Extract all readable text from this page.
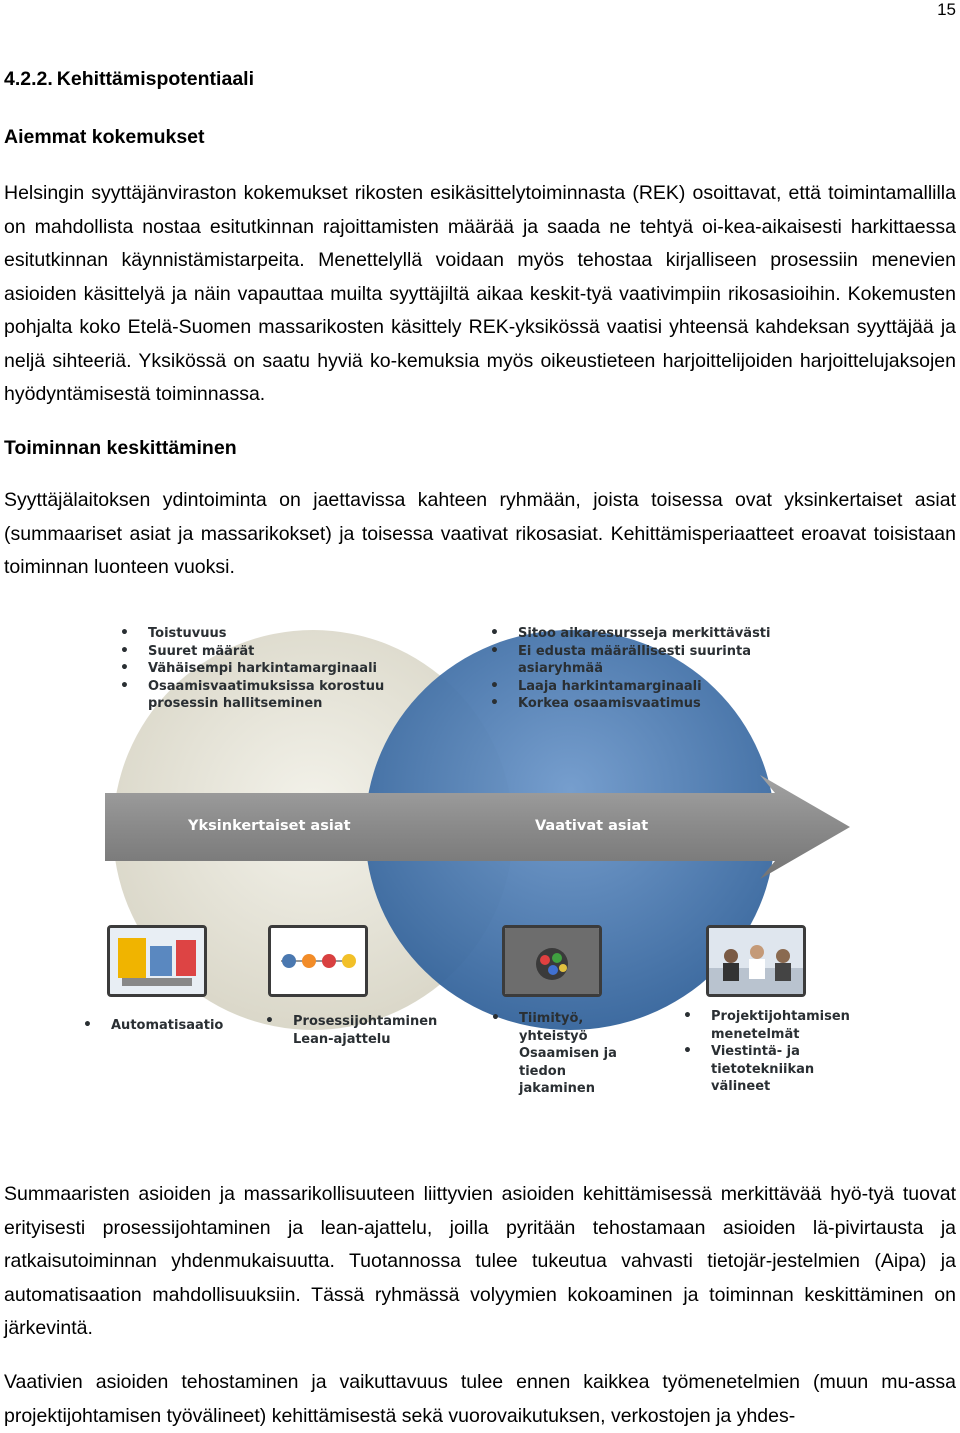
15
4.2.2. Kehittämispotentiaali
Aiemmat kokemukset
Helsingin syyttäjänviraston kokemukset rikosten esikäsittelytoiminnasta (REK) osoittavat, että toimintamallilla on mahdollista nostaa esitutkinnan rajoittamisten määrää ja saada ne tehtyä oi-kea-aikaisesti harkittaessa esitutkinnan käynnistämistarpeita. Menettelyllä voidaan myös tehostaa kirjalliseen prosessiin menevien asioiden käsittelyä ja näin vapauttaa muilta syyttäjiltä aikaa keskit-tyä vaativimpiin rikosasioihin. Kokemusten pohjalta koko Etelä-Suomen massarikosten käsittely REK-yksikössä vaatisi yhteensä kahdeksan syyttäjää ja neljä sihteeriä. Yksikössä on saatu hyviä ko-kemuksia myös oikeustieteen harjoittelijoiden harjoittelujaksojen hyödyntämisestä toiminnassa.
Toiminnan keskittäminen
Syyttäjälaitoksen ydintoiminta on jaettavissa kahteen ryhmään, joista toisessa ovat yksinkertaiset asiat (summaariset asiat ja massarikokset) ja toisessa vaativat rikosasiat. Kehittämisperiaatteet eroavat toisistaan toiminnan luonteen vuoksi.
• Toistuvuus
• Suuret määrät
• Vähäisempi harkintamarginaali
• Osaamisvaatimuksissa korostuu
prosessin hallitseminen
• Sitoo aikaresursseja merkittävästi
• Ei edusta määrällisesti suurinta
asiaryhmää
• Laaja harkintamarginaali
• Korkea osaamisvaatimus
Yksinkertaiset asiat	Vaativat asiat
• Automatisaatio
•	Prosessijohtaminen
Lean-ajattelu
• Tiimityö,
yhteistyö
Osaamisen ja
tiedon
jakaminen
• Projektijohtamisen
menetelmät
• Viestintä- ja
tietotekniikan
välineet
Summaaristen asioiden ja massarikollisuuteen liittyvien asioiden kehittämisessä merkittävää hyö-tyä tuovat erityisesti prosessijohtaminen ja lean-ajattelu, joilla pyritään tehostamaan asioiden lä-pivirtausta ja ratkaisutoiminnan yhdenmukaisuutta. Tuotannossa tulee tukeutua vahvasti tietojär-jestelmien (Aipa) ja automatisaation mahdollisuuksiin. Tässä ryhmässä volyymien kokoaminen ja toiminnan keskittäminen on järkevintä.
Vaativien asioiden tehostaminen ja vaikuttavuus tulee ennen kaikkea työmenetelmien (muun mu-assa projektijohtamisen työvälineet) kehittämisestä sekä vuorovaikutuksen, verkostojen ja yhdes-
